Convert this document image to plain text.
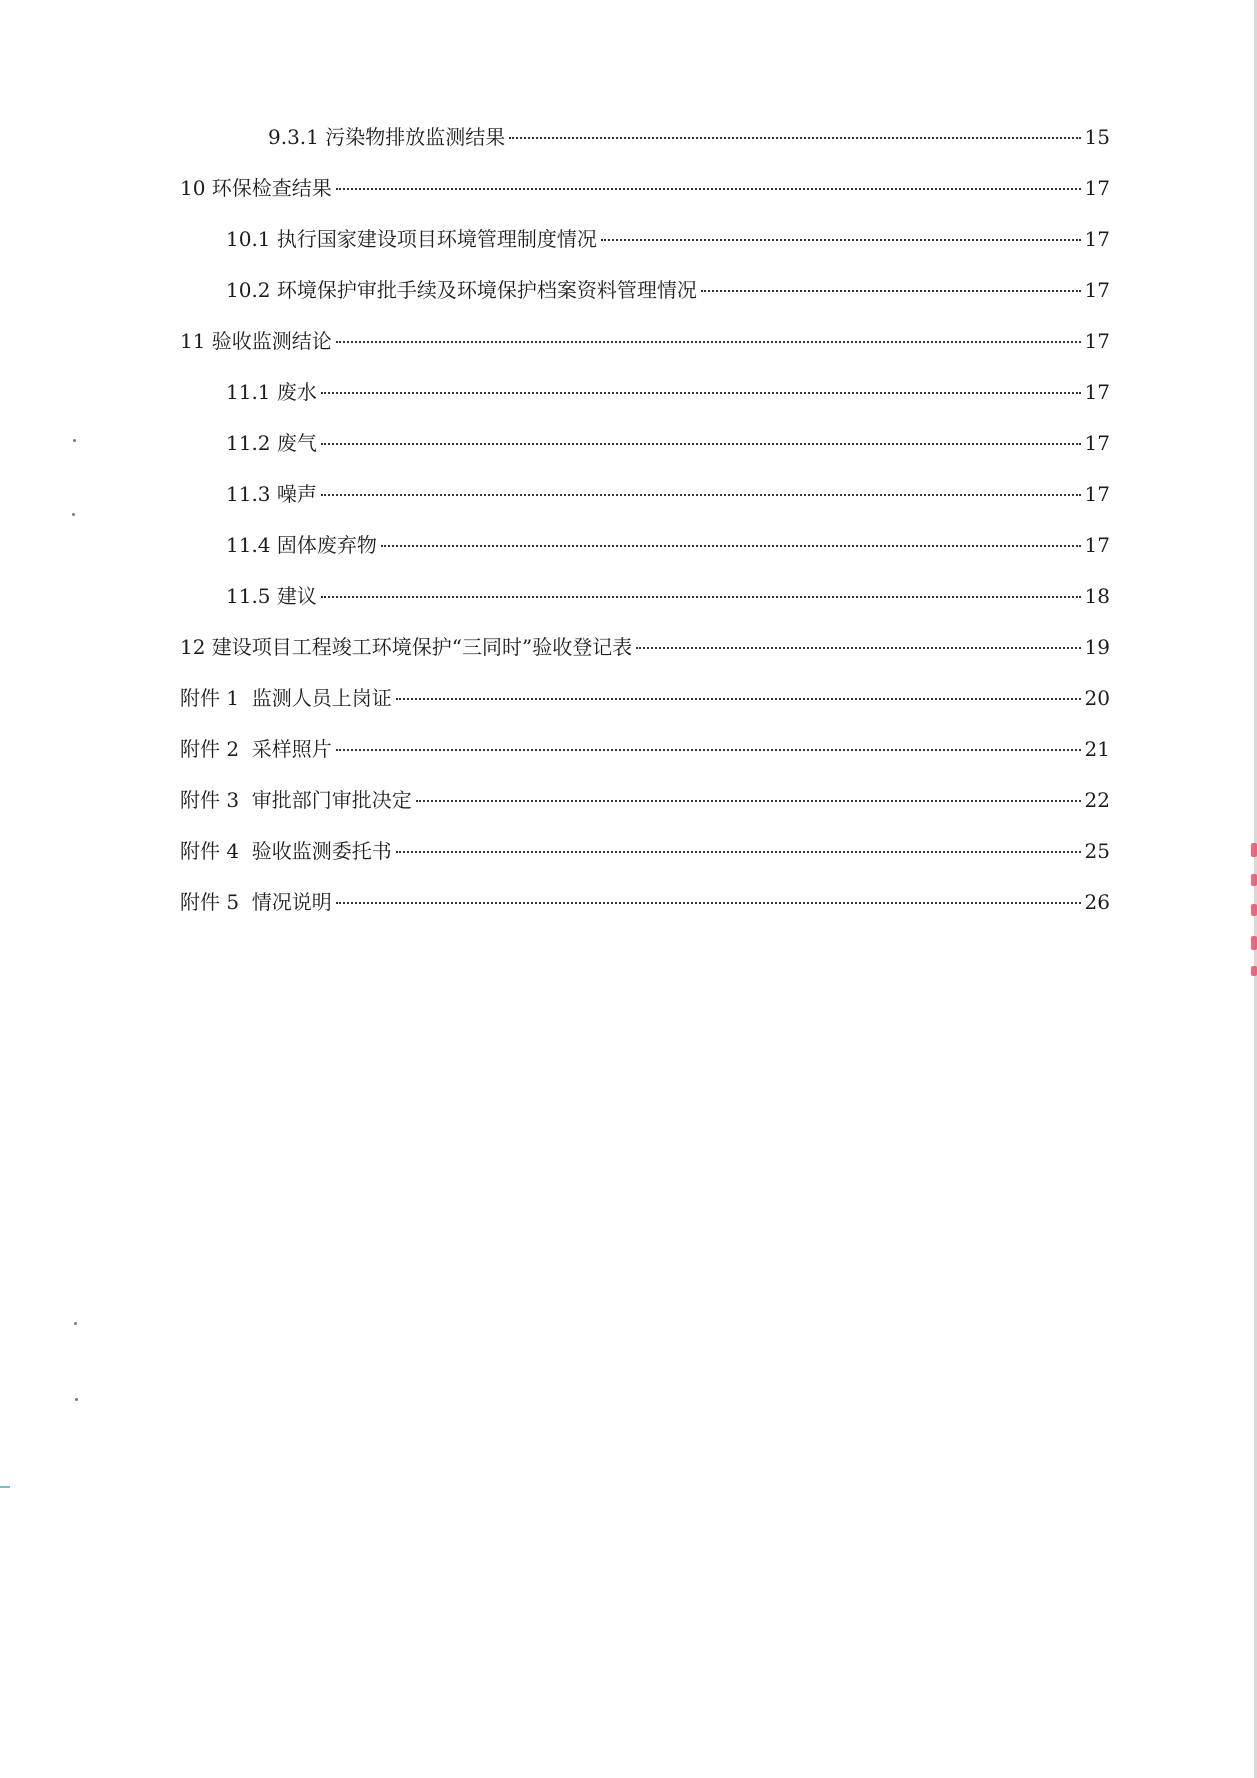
9.3.1 污染物排放监测结果	15
10 环保检查结果	17
10.1 执行国家建设项目环境管理制度情况	17
10.2 环境保护审批手续及环境保护档案资料管理情况	17
11 验收监测结论	17
11.1 废水	17
11.2 废气	17
11.3 噪声	17
11.4 固体废弃物	17
11.5 建议	18
12 建设项目工程竣工环境保护“三同时”验收登记表	19
附件 1  监测人员上岗证	20
附件 2  采样照片	21
附件 3  审批部门审批决定	22
附件 4  验收监测委托书	25
附件 5  情况说明	26
